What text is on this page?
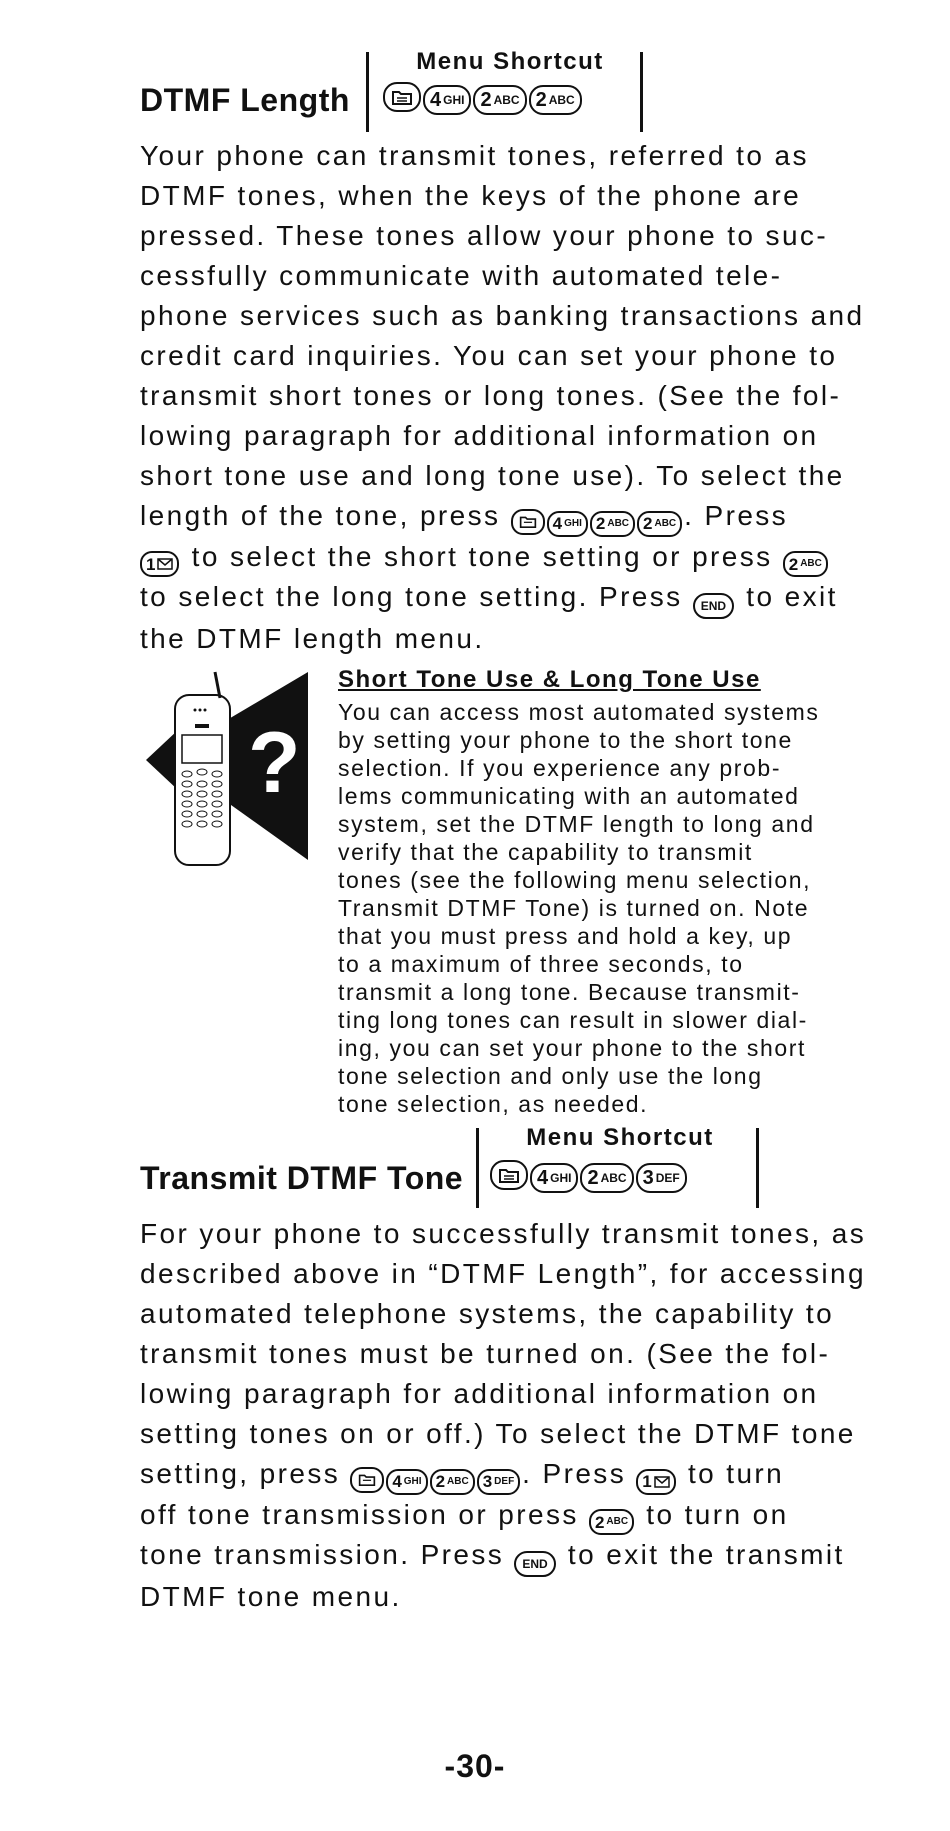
Menu Shortcut
DTMF Length	4 GHI 2 ABC 2 ABC
Your phone can transmit tones, referred to as
DTMF tones, when the keys of the phone are
pressed. These tones allow your phone to suc-
cessfully communicate with automated tele-
phone services such as banking transactions and
credit card inquiries. You can set your phone to
transmit short tones or long tones. (See the fol-
lowing paragraph for additional information on
short tone use and long tone use). To select the
length of the tone, press	4 GHI 2 ABC 2 ABC . Press
1 to select the short tone setting or press 2 ABC
to select the long tone setting. Press END to exit
the DTMF length menu.
?
Short Tone Use & Long Tone Use
You can access most automated systems
by setting your phone to the short tone
selection. If you experience any prob-
lems communicating with an automated
system, set the DTMF length to long and
verify that the capability to transmit
tones (see the following menu selection,
Transmit DTMF Tone) is turned on. Note
that you must press and hold a key, up
to a maximum of three seconds, to
transmit a long tone. Because transmit-
ting long tones can result in slower dial-
ing, you can set your phone to the short
tone selection and only use the long
tone selection, as needed.
Menu Shortcut
Transmit DTMF Tone	4 GHI 2 ABC 3 DEF
For your phone to successfully transmit tones, as
described above in “DTMF Length”, for accessing
automated telephone systems, the capability to
transmit tones must be turned on. (See the fol-
lowing paragraph for additional information on
setting tones on or off.) To select the DTMF tone
setting, press	4 GHI 2 ABC 3 DEF . Press 1 to turn
off tone transmission or press 2 ABC to turn on
tone transmission. Press END to exit the transmit
DTMF tone menu.
-30-
